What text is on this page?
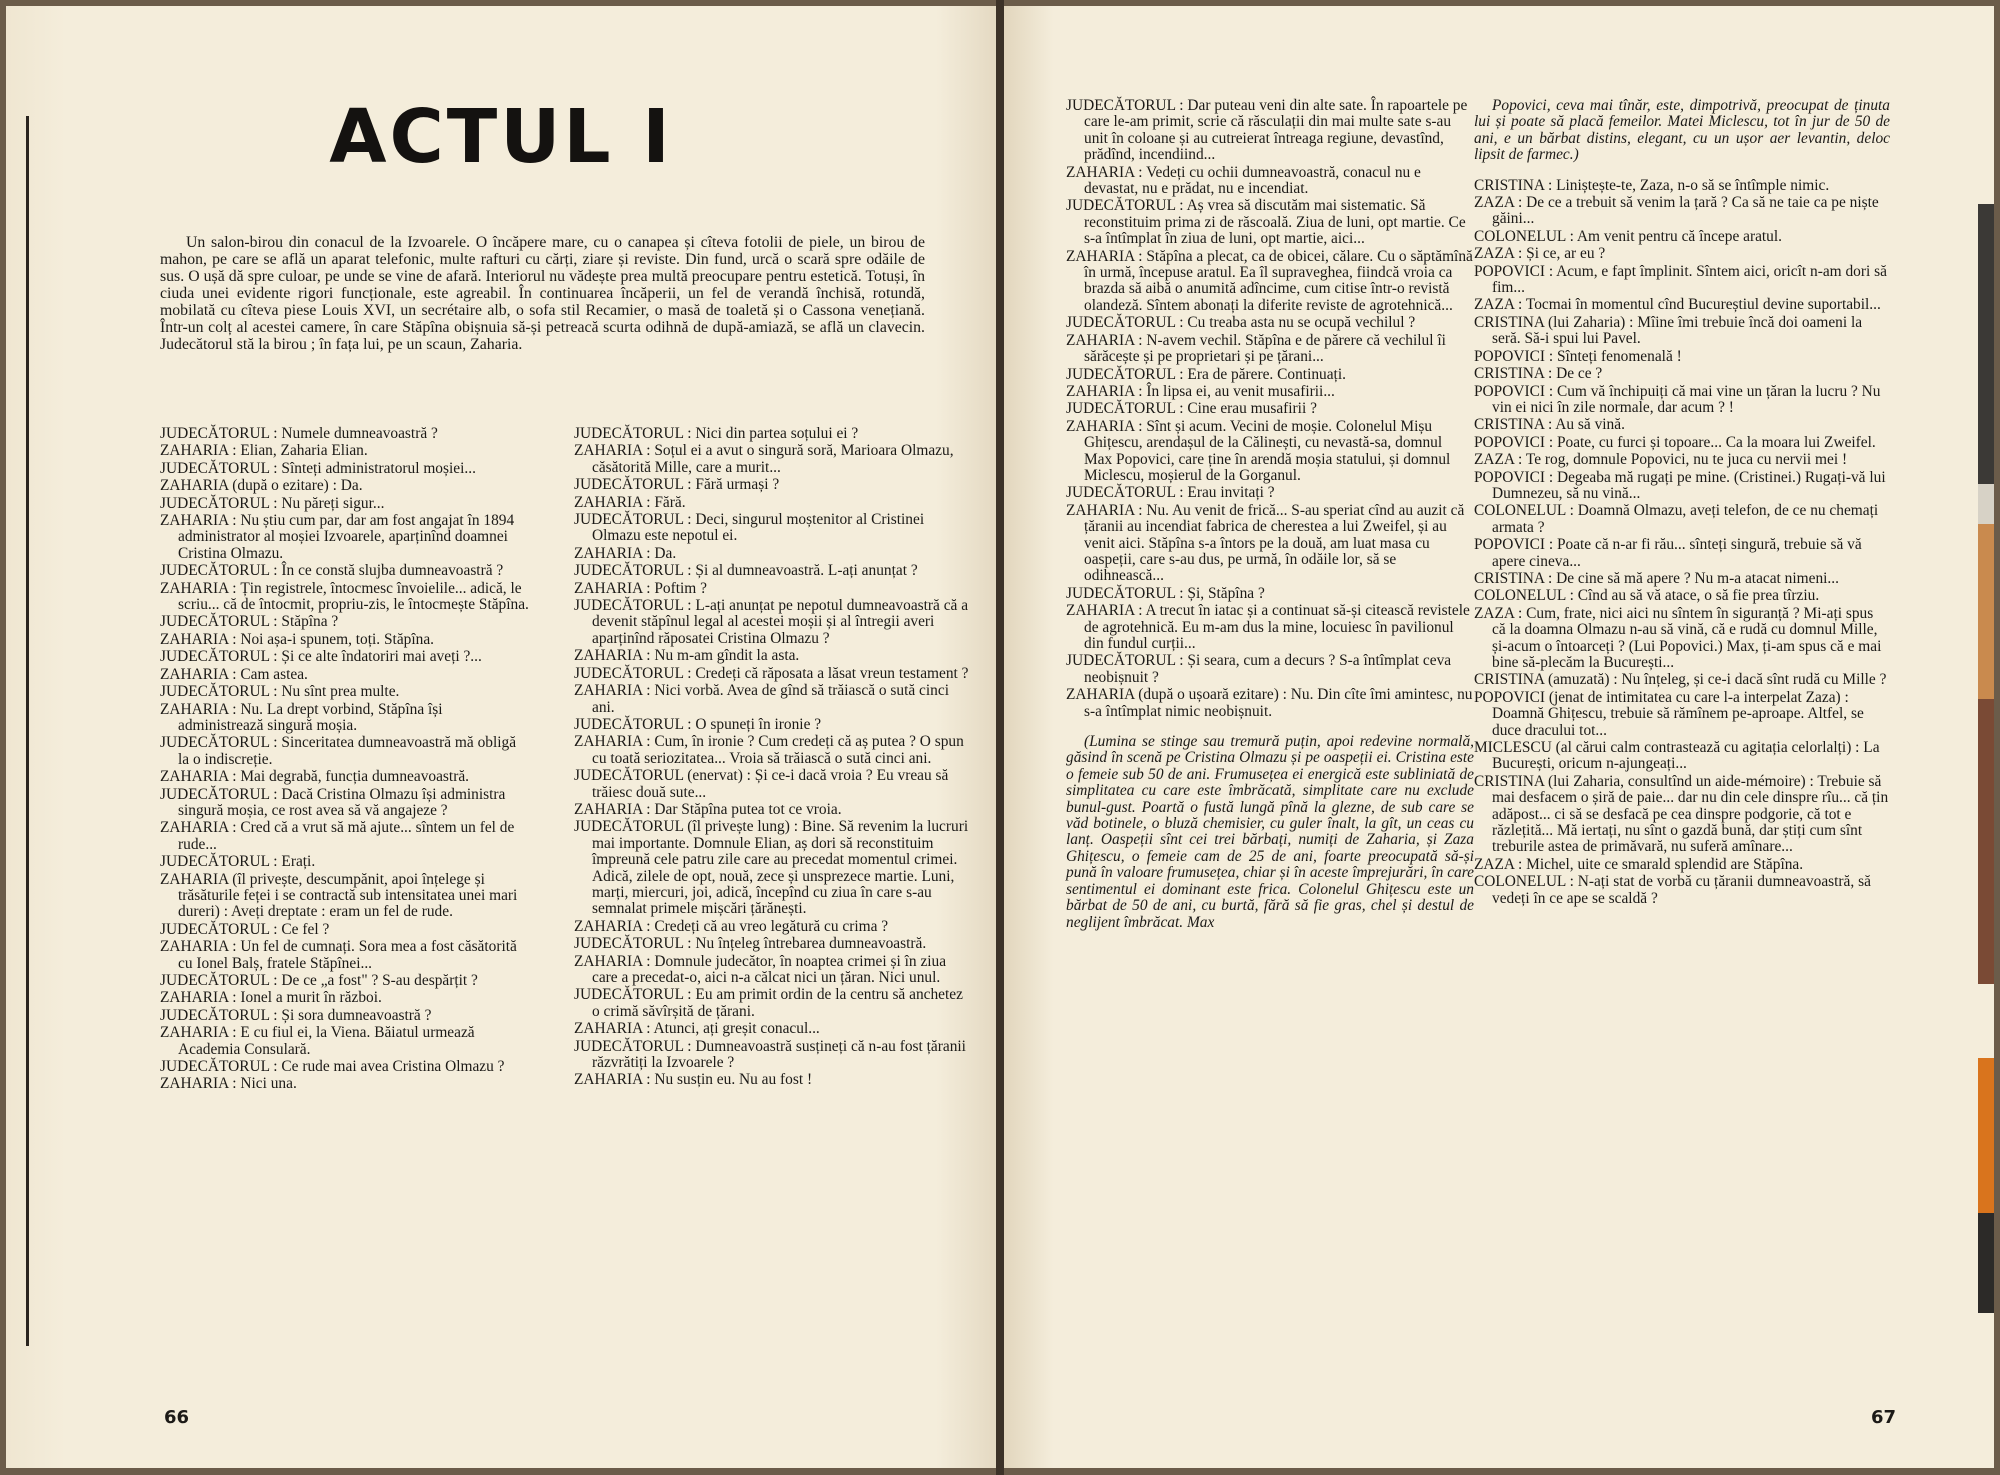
ACTUL I

Un salon-birou din conacul de la Izvoarele. O încăpere mare, cu o canapea și cîteva fotolii de piele, un birou de mahon, pe care se află un aparat telefonic, multe rafturi cu cărți, ziare și reviste. Din fund, urcă o scară spre odăile de sus. O ușă dă spre culoar, pe unde se vine de afară. Interiorul nu vădește prea multă preocupare pentru estetică. Totuși, în ciuda unei evidente rigori funcționale, este agreabil. În continuarea încăperii, un fel de verandă închisă, rotundă, mobilată cu cîteva piese Louis XVI, un secrétaire alb, o sofa stil Recamier, o masă de toaletă și o Cassona venețiană. Într-un colț al acestei camere, în care Stăpîna obișnuia să-și petreacă scurta odihnă de după-amiază, se află un clavecin. Judecătorul stă la birou ; în fața lui, pe un scaun, Zaharia.

JUDECĂTORUL : Numele dumneavoastră ?

ZAHARIA : Elian, Zaharia Elian.

JUDECĂTORUL : Sînteți administratorul moșiei...

ZAHARIA (după o ezitare) : Da.

JUDECĂTORUL : Nu păreți sigur...

ZAHARIA : Nu știu cum par, dar am fost angajat în 1894 administrator al moșiei Izvoarele, aparținînd doamnei Cristina Olmazu.

JUDECĂTORUL : În ce constă slujba dumneavoastră ?

ZAHARIA : Țin registrele, întocmesc învoielile... adică, le scriu... că de întocmit, propriu-zis, le întocmește Stăpîna.

JUDECĂTORUL : Stăpîna ?

ZAHARIA : Noi așa-i spunem, toți. Stăpîna.

JUDECĂTORUL : Și ce alte îndatoriri mai aveți ?...

ZAHARIA : Cam astea.

JUDECĂTORUL : Nu sînt prea multe.

ZAHARIA : Nu. La drept vorbind, Stăpîna își administrează singură moșia.

JUDECĂTORUL : Sinceritatea dumneavoastră mă obligă la o indiscreție.

ZAHARIA : Mai degrabă, funcția dumneavoastră.

JUDECĂTORUL : Dacă Cristina Olmazu își administra singură moșia, ce rost avea să vă angajeze ?

ZAHARIA : Cred că a vrut să mă ajute... sîntem un fel de rude...

JUDECĂTORUL : Erați.

ZAHARIA (îl privește, descumpănit, apoi înțelege și trăsăturile feței i se contractă sub intensitatea unei mari dureri) : Aveți dreptate : eram un fel de rude.

JUDECĂTORUL : Ce fel ?

ZAHARIA : Un fel de cumnați. Sora mea a fost căsătorită cu Ionel Balș, fratele Stăpînei...

JUDECĂTORUL : De ce „a fost" ? S-au despărțit ?

ZAHARIA : Ionel a murit în război.

JUDECĂTORUL : Și sora dumneavoastră ?

ZAHARIA : E cu fiul ei, la Viena. Băiatul urmează Academia Consulară.

JUDECĂTORUL : Ce rude mai avea Cristina Olmazu ?

ZAHARIA : Nici una.

JUDECĂTORUL : Nici din partea soțului ei ?

ZAHARIA : Soțul ei a avut o singură soră, Marioara Olmazu, căsătorită Mille, care a murit...

JUDECĂTORUL : Fără urmași ?

ZAHARIA : Fără.

JUDECĂTORUL : Deci, singurul moștenitor al Cristinei Olmazu este nepotul ei.

ZAHARIA : Da.

JUDECĂTORUL : Și al dumneavoastră. L-ați anunțat ?

ZAHARIA : Poftim ?

JUDECĂTORUL : L-ați anunțat pe nepotul dumneavoastră că a devenit stăpînul legal al acestei moșii și al întregii averi aparținînd răposatei Cristina Olmazu ?

ZAHARIA : Nu m-am gîndit la asta.

JUDECĂTORUL : Credeți că răposata a lăsat vreun testament ?

ZAHARIA : Nici vorbă. Avea de gînd să trăiască o sută cinci ani.

JUDECĂTORUL : O spuneți în ironie ?

ZAHARIA : Cum, în ironie ? Cum credeți că aș putea ? O spun cu toată seriozitatea... Vroia să trăiască o sută cinci ani.

JUDECĂTORUL (enervat) : Și ce-i dacă vroia ? Eu vreau să trăiesc două sute...

ZAHARIA : Dar Stăpîna putea tot ce vroia.

JUDECĂTORUL (îl privește lung) : Bine. Să revenim la lucruri mai importante. Domnule Elian, aș dori să reconstituim împreună cele patru zile care au precedat momentul crimei. Adică, zilele de opt, nouă, zece și unsprezece martie. Luni, marți, miercuri, joi, adică, începînd cu ziua în care s-au semnalat primele mișcări țărănești.

ZAHARIA : Credeți că au vreo legătură cu crima ?

JUDECĂTORUL : Nu înțeleg întrebarea dumneavoastră.

ZAHARIA : Domnule judecător, în noaptea crimei și în ziua care a precedat-o, aici n-a călcat nici un țăran. Nici unul.

JUDECĂTORUL : Eu am primit ordin de la centru să anchetez o crimă săvîrșită de țărani.

ZAHARIA : Atunci, ați greșit conacul...

JUDECĂTORUL : Dumneavoastră susțineți că n-au fost țăranii răzvrătiți la Izvoarele ?

ZAHARIA : Nu susțin eu. Nu au fost !

66

JUDECĂTORUL : Dar puteau veni din alte sate. În rapoartele pe care le-am primit, scrie că răsculații din mai multe sate s-au unit în coloane și au cutreierat întreaga regiune, devastînd, prădînd, incendiind...

ZAHARIA : Vedeți cu ochii dumneavoastră, conacul nu e devastat, nu e prădat, nu e incendiat.

JUDECĂTORUL : Aș vrea să discutăm mai sistematic. Să reconstituim prima zi de răscoală. Ziua de luni, opt martie. Ce s-a întîmplat în ziua de luni, opt martie, aici...

ZAHARIA : Stăpîna a plecat, ca de obicei, călare. Cu o săptămînă în urmă, începuse aratul. Ea îl supraveghea, fiindcă vroia ca brazda să aibă o anumită adîncime, cum citise într-o revistă olandeză. Sîntem abonați la diferite reviste de agrotehnică...

JUDECĂTORUL : Cu treaba asta nu se ocupă vechilul ?

ZAHARIA : N-avem vechil. Stăpîna e de părere că vechilul îi sărăcește și pe proprietari și pe țărani...

JUDECĂTORUL : Era de părere. Continuați.

ZAHARIA : În lipsa ei, au venit musafirii...

JUDECĂTORUL : Cine erau musafirii ?

ZAHARIA : Sînt și acum. Vecini de moșie. Colonelul Mișu Ghițescu, arendașul de la Călinești, cu nevastă-sa, domnul Max Popovici, care ține în arendă moșia statului, și domnul Miclescu, moșierul de la Gorganul.

JUDECĂTORUL : Erau invitați ?

ZAHARIA : Nu. Au venit de frică... S-au speriat cînd au auzit că țăranii au incendiat fabrica de cherestea a lui Zweifel, și au venit aici. Stăpîna s-a întors pe la două, am luat masa cu oaspeții, care s-au dus, pe urmă, în odăile lor, să se odihnească...

JUDECĂTORUL : Și, Stăpîna ?

ZAHARIA : A trecut în iatac și a continuat să-și citească revistele de agrotehnică. Eu m-am dus la mine, locuiesc în pavilionul din fundul curții...

JUDECĂTORUL : Și seara, cum a decurs ? S-a întîmplat ceva neobișnuit ?

ZAHARIA (după o ușoară ezitare) : Nu. Din cîte îmi amintesc, nu s-a întîmplat nimic neobișnuit.

(Lumina se stinge sau tremură puțin, apoi redevine normală, găsind în scenă pe Cristina Olmazu și pe oaspeții ei. Cristina este o femeie sub 50 de ani. Frumusețea ei energică este subliniată de simplitatea cu care este îmbrăcată, simplitate care nu exclude bunul-gust. Poartă o fustă lungă pînă la glezne, de sub care se văd botinele, o bluză chemisier, cu guler înalt, la gît, un ceas cu lanț. Oaspeții sînt cei trei bărbați, numiți de Zaharia, și Zaza Ghițescu, o femeie cam de 25 de ani, foarte preocupată să-și pună în valoare frumusețea, chiar și în aceste împrejurări, în care sentimentul ei dominant este frica. Colonelul Ghițescu este un bărbat de 50 de ani, cu burtă, fără să fie gras, chel și destul de neglijent îmbrăcat. Max

Popovici, ceva mai tînăr, este, dimpotrivă, preocupat de ținuta lui și poate să placă femeilor. Matei Miclescu, tot în jur de 50 de ani, e un bărbat distins, elegant, cu un ușor aer levantin, deloc lipsit de farmec.)

CRISTINA : Liniștește-te, Zaza, n-o să se întîmple nimic.

ZAZA : De ce a trebuit să venim la țară ? Ca să ne taie ca pe niște găini...

COLONELUL : Am venit pentru că începe aratul.

ZAZA : Și ce, ar eu ?

POPOVICI : Acum, e fapt împlinit. Sîntem aici, oricît n-am dori să fim...

ZAZA : Tocmai în momentul cînd Bucureștiul devine suportabil...

CRISTINA (lui Zaharia) : Mîine îmi trebuie încă doi oameni la seră. Să-i spui lui Pavel.

POPOVICI : Sînteți fenomenală !

CRISTINA : De ce ?

POPOVICI : Cum vă închipuiți că mai vine un țăran la lucru ? Nu vin ei nici în zile normale, dar acum ? !

CRISTINA : Au să vină.

POPOVICI : Poate, cu furci și topoare... Ca la moara lui Zweifel.

ZAZA : Te rog, domnule Popovici, nu te juca cu nervii mei !

POPOVICI : Degeaba mă rugați pe mine. (Cristinei.) Rugați-vă lui Dumnezeu, să nu vină...

COLONELUL : Doamnă Olmazu, aveți telefon, de ce nu chemați armata ?

POPOVICI : Poate că n-ar fi rău... sînteți singură, trebuie să vă apere cineva...

CRISTINA : De cine să mă apere ? Nu m-a atacat nimeni...

COLONELUL : Cînd au să vă atace, o să fie prea tîrziu.

ZAZA : Cum, frate, nici aici nu sîntem în siguranță ? Mi-ați spus că la doamna Olmazu n-au să vină, că e rudă cu domnul Mille, și-acum o întoarceți ? (Lui Popovici.) Max, ți-am spus că e mai bine să-plecăm la București...

CRISTINA (amuzată) : Nu înțeleg, și ce-i dacă sînt rudă cu Mille ?

POPOVICI (jenat de intimitatea cu care l-a interpelat Zaza) : Doamnă Ghițescu, trebuie să rămînem pe-aproape. Altfel, se duce dracului tot...

MICLESCU (al cărui calm contrastează cu agitația celorlalți) : La București, oricum n-ajungeați...

CRISTINA (lui Zaharia, consultînd un aide-mémoire) : Trebuie să mai desfacem o șiră de paie... dar nu din cele dinspre rîu... că țin adăpost... ci să se desfacă pe cea dinspre podgorie, că tot e răzlețită... Mă iertați, nu sînt o gazdă bună, dar știți cum sînt treburile astea de primăvară, nu suferă amînare...

ZAZA : Michel, uite ce smarald splendid are Stăpîna.

COLONELUL : N-ați stat de vorbă cu țăranii dumneavoastră, să vedeți în ce ape se scaldă ?

67
